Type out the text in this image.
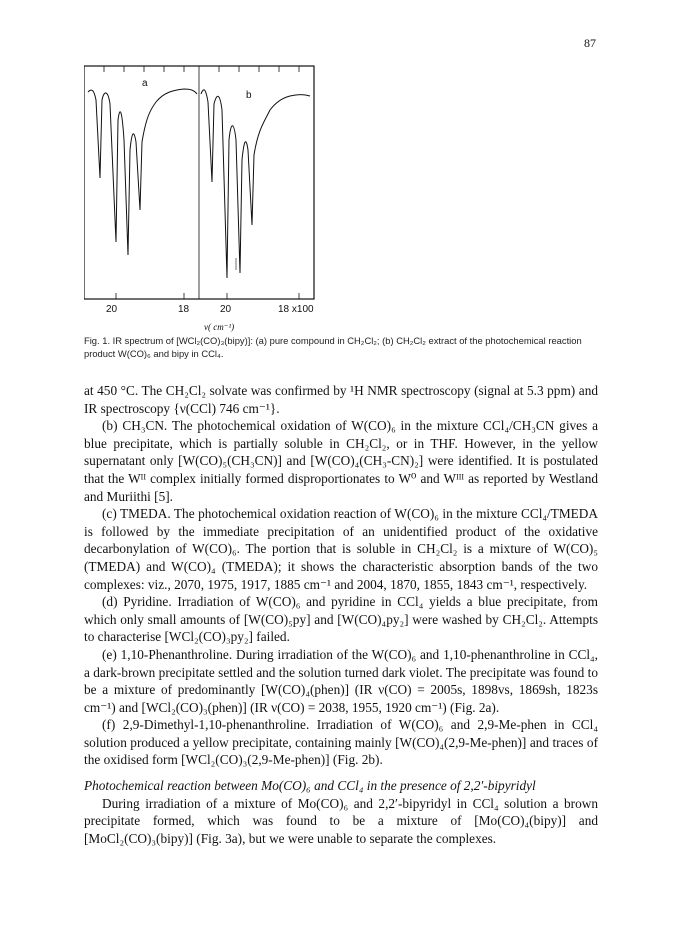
87
a
b
20	18	20	18 x100
ν( cm⁻¹)
Fig. 1. IR spectrum of [WCl₂(CO)₃(bipy)]: (a) pure compound in CH₂Cl₂; (b) CH₂Cl₂ extract of the photochemical reaction product W(CO)₆ and bipy in CCl₄.

at 450 °C. The CH₂Cl₂ solvate was confirmed by ¹H NMR spectroscopy (signal at 5.3 ppm) and IR spectroscopy {ν(CCl) 746 cm⁻¹}.

(b) CH₃CN. The photochemical oxidation of W(CO)₆ in the mixture CCl₄/CH₃CN gives a blue precipitate, which is partially soluble in CH₂Cl₂, or in THF. However, in the yellow supernatant only [W(CO)₅(CH₃CN)] and [W(CO)₄(CH₃-CN)₂] were identified. It is postulated that the Wᴵᴵ complex initially formed disproportionates to W⁰ and Wᴵᴵᴵ as reported by Westland and Muriithi [5].

(c) TMEDA. The photochemical oxidation reaction of W(CO)₆ in the mixture CCl₄/TMEDA is followed by the immediate precipitation of an unidentified product of the oxidative decarbonylation of W(CO)₆. The portion that is soluble in CH₂Cl₂ is a mixture of W(CO)₅ (TMEDA) and W(CO)₄ (TMEDA); it shows the characteristic absorption bands of the two complexes: viz., 2070, 1975, 1917, 1885 cm⁻¹ and 2004, 1870, 1855, 1843 cm⁻¹, respectively.

(d) Pyridine. Irradiation of W(CO)₆ and pyridine in CCl₄ yields a blue precipitate, from which only small amounts of [W(CO)₅py] and [W(CO)₄py₂] were washed by CH₂Cl₂. Attempts to characterise [WCl₂(CO)₃py₂] failed.

(e) 1,10-Phenanthroline. During irradiation of the W(CO)₆ and 1,10-phenanthroline in CCl₄, a dark-brown precipitate settled and the solution turned dark violet. The precipitate was found to be a mixture of predominantly [W(CO)₄(phen)] (IR ν(CO) = 2005s, 1898vs, 1869sh, 1823s cm⁻¹) and [WCl₂(CO)₃(phen)] (IR ν(CO) = 2038, 1955, 1920 cm⁻¹) (Fig. 2a).

(f) 2,9-Dimethyl-1,10-phenanthroline. Irradiation of W(CO)₆ and 2,9-Me-phen in CCl₄ solution produced a yellow precipitate, containing mainly [W(CO)₄(2,9-Me-phen)] and traces of the oxidised form [WCl₂(CO)₃(2,9-Me-phen)] (Fig. 2b).

Photochemical reaction between Mo(CO)₆ and CCl₄ in the presence of 2,2′-bipyridyl

During irradiation of a mixture of Mo(CO)₆ and 2,2′-bipyridyl in CCl₄ solution a brown precipitate formed, which was found to be a mixture of [Mo(CO)₄(bipy)] and [MoCl₂(CO)₃(bipy)] (Fig. 3a), but we were unable to separate the complexes.
